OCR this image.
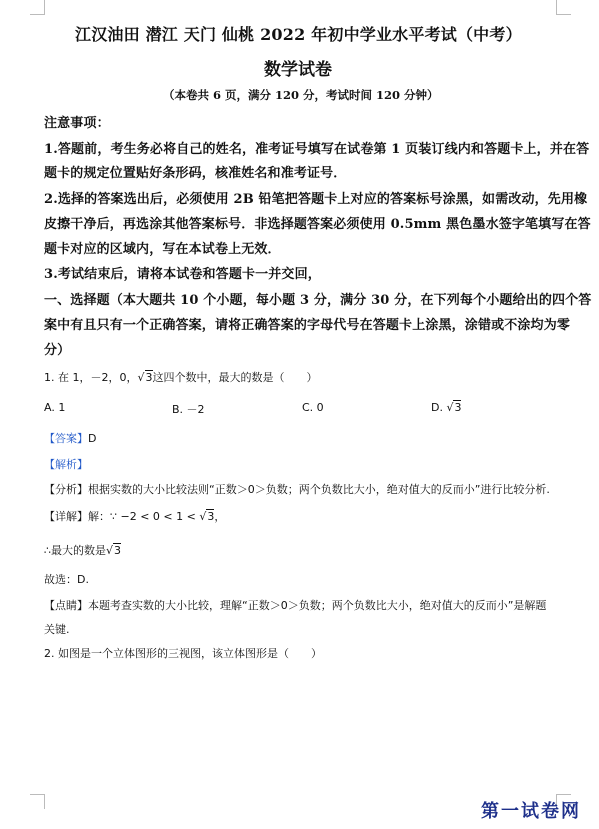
江汉油田 潜江 天门 仙桃 2022 年初中学业水平考试（中考）
数学试卷
（本卷共 6 页，满分 120 分，考试时间 120 分钟）
注意事项：
1.答题前，考生务必将自己的姓名，准考证号填写在试卷第 1 页装订线内和答题卡上，并在答
题卡的规定位置贴好条形码，核准姓名和准考证号．
2.选择的答案选出后，必须使用 2B 铅笔把答题卡上对应的答案标号涂黑，如需改动，先用橡
皮擦干净后，再选涂其他答案标号．非选择题答案必须使用 0.5mm 黑色墨水签字笔填写在答
题卡对应的区域内，写在本试卷上无效．
3.考试结束后，请将本试卷和答题卡一并交回，
一、选择题（本大题共 10 个小题，每小题 3 分，满分 30 分，在下列每个小题给出的四个答
案中有且只有一个正确答案，请将正确答案的字母代号在答题卡上涂黑，涂错或不涂均为零
分）
1. 在 1，－2，0，√3这四个数中，最大的数是（　　）
A. 1	B. －2	C. 0	D. √3
【答案】D
【解析】
【分析】根据实数的大小比较法则“正数＞0＞负数；两个负数比大小，绝对值大的反而小”进行比较分析.
【详解】解：∵ −2 < 0 < 1 < √3，
∴最大的数是√3
故选：D.
【点睛】本题考查实数的大小比较，理解“正数＞0＞负数；两个负数比大小，绝对值大的反而小”是解题
关键.
2. 如图是一个立体图形的三视图，该立体图形是（　　）
第一试卷网
